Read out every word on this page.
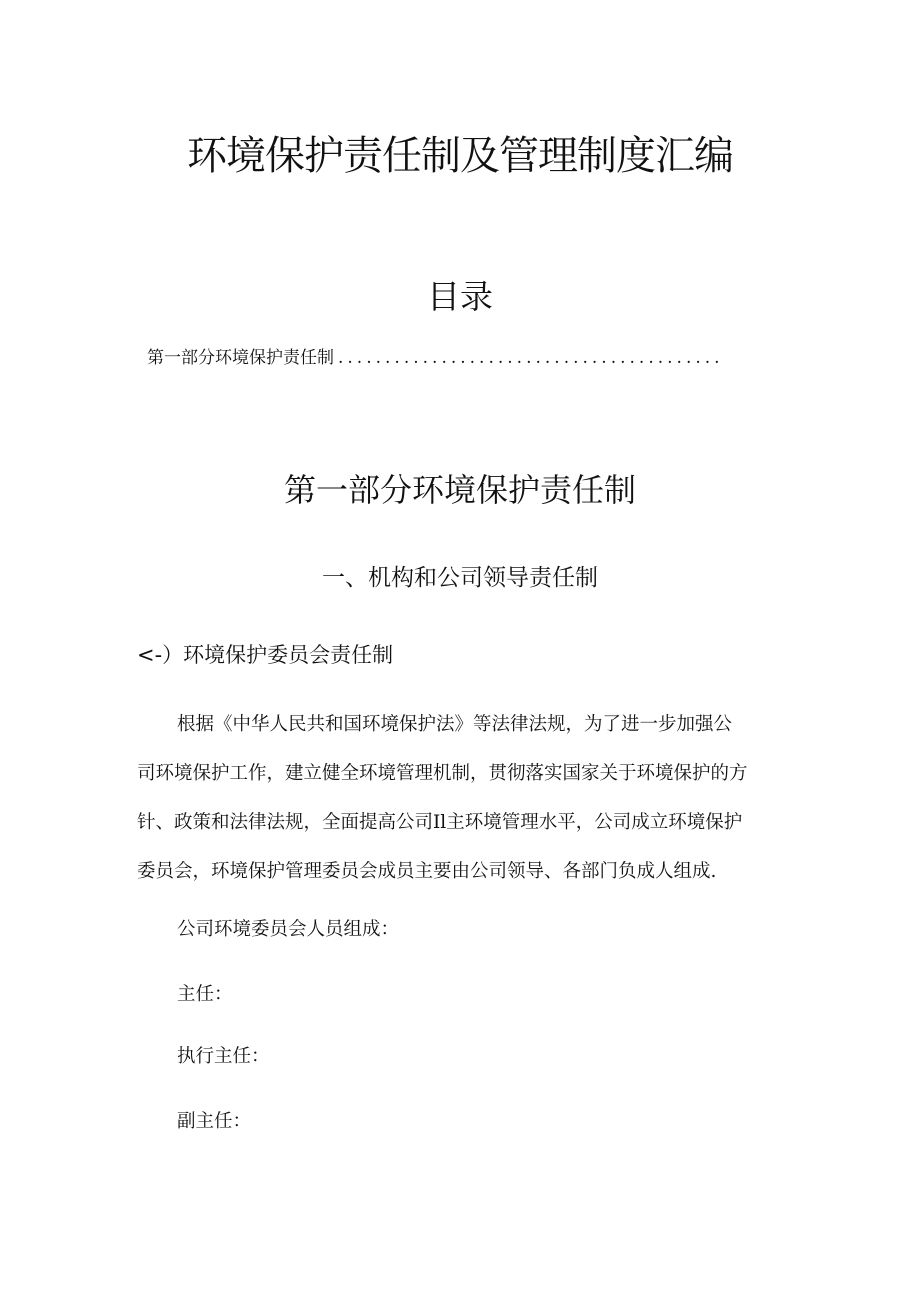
环境保护责任制及管理制度汇编
目录
第一部分环境保护责任制 .........................................
第一部分环境保护责任制
一、机构和公司领导责任制
<-）环境保护委员会责任制
根据《中华人民共和国环境保护法》等法律法规，为了进一步加强公
司环境保护工作，建立健全环境管理机制，贯彻落实国家关于环境保护的方
针、政策和法律法规，全面提高公司Il主环境管理水平，公司成立环境保护
委员会，环境保护管理委员会成员主要由公司领导、各部门负成人组成.
公司环境委员会人员组成：
主任：
执行主任：
副主任：
